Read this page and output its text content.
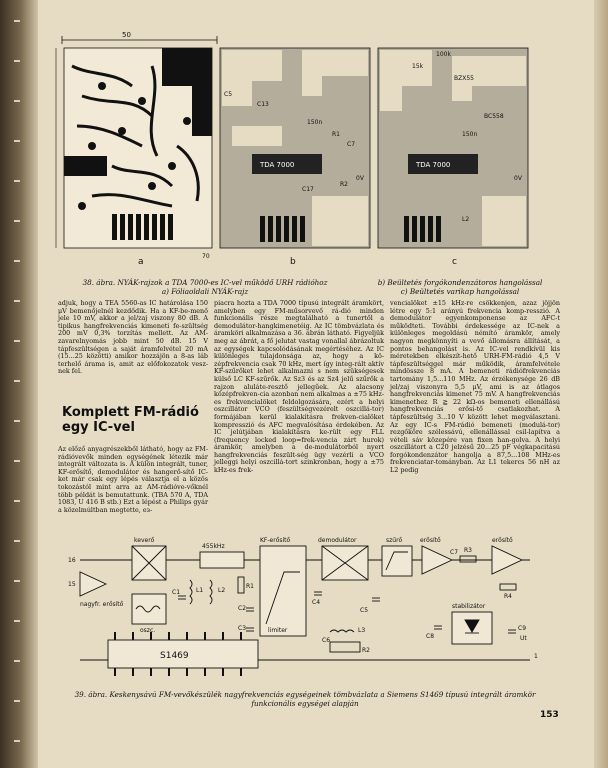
50
a
70
TDA 7000
C5
C13
150n
C7
R1
R2
C17
0V
b
TDA 7000
100k
15k
BZX55
BC558
150n
L2
0V
c
38. ábra. NYÁK-rajzok a TDA 7000-es IC-vel működő URH rádióhoz
a) Fóliaoldali NYÁK-rajz
b) Beültetés forgókondenzátoros hangolással
c) Beültetés varikap hangolással
adjuk, hogy a TEA 5560-as IC határolása 150 μV bemenőjelnél kezdődik. Ha a KF-be-menő jele 10 mV, akkor a jel/zaj viszony 80 dB. A tipikus hangfrekvenciás kimeneti fe-szültség 200 mV 0,3% torzítás mellett. Az AM-zavarelnyomás jobb mint 50 dB. 15 V tápfeszültségen a saját áramfelvétel 20 mA (15...25 közötti) amikor hozzájön a 8-as láb terhelő árama is, amit az előfokozatok vesz-nek fel.
Komplett FM-rádió egy IC-vel
Az előző anyagrészekből látható, hogy az FM-rádióvevők minden egységének létezik már integrált változata is. A külön integrált, tuner, KF-erősítő, demodulátor és hangerő-sítő IC-ket már csak egy lépés választja el a közös tokozástól mint arra az AM-rádióve-vőknél több példát is bemutattunk. (TBA 570 A, TDA 1083, U 416 B stb.) Ezt a lépést a Philips gyár a közelmúltban megtette, ез-
piacra hozta a TDA 7000 típusú integrált áramkört, amelyben egy FM-műsorvevő rá-dió minden funkcionális része megtalálható a tunertől a demodulátor-hangkimenetéig. Az IC tömbvázlata és áramköri alkalmazása a 36. ábrán látható. Figyeljük meg az ábrát, a fő jelutat vastag vonallal ábrázoltuk az egységek kapcsolódásának megértéséhez. Az IC különleges tulajdonsága az, hogy a kö-zépfrekvencia csak 70 kHz, mert így integ-rált aktív KF-szűrőket lehet alkalmazni s nem szükségesek külső LC KF-szűrők. Az Sz3 és az Sz4 jelű szűrők a rajzon aluláte-resztő jellegűek. Az alacsony középfrekven-cia azonban nem alkalmas a ±75 kHz-es frekvencialöket feldolgozására, ezért a helyi oszcillátor VCO (feszültségvezérelt oszcillá-tor) formájában kerül kialakításra frekven-cialöket kompresszió és AFC megvalósítása érdekében. Az IC jelútjában kialakításra ke-rült egy FLL (frequency locked loop=frek-vencia zárt hurok) áramkör, amelyben a de-modulátorból nyert hangfrekvenciás feszült-ség ügy vezérli a VCO jelleggi helyi oszcillá-tort szinkronban, hogy a ±75 kHz-es frek-
vencialöket ±15 kHz-re csökkenjen, azaz jöjjön létre egy 5:1 arányú frekvencia komp-resszió. A demodulátor egyenkomponense az AFC-t működteti. További érdekessége az IC-nek a különleges megoldású némító áramkör, amely nagyon megkönnyíti a vevő állomásra állítását, a pontos behangolást is. Az IC-vel rendkívül kis méretekben elkészít-hető URH-FM-rádió 4,5 V tápfeszültséggel már működik, áramfelvétele mindössze 8 mA. A bemeneti rádiófrekvenciás tartomány 1,5...110 MHz. Az érzékenysége 26 dB jel/zaj viszonyra 5,5 μV, ami is az átlagos hangfrekvenciás kimenet 75 mV. A hangfrekvenciás kimenethez R ≧ 22 kΩ-os bemeneti ellenállású hangfrekvenciás erősí-tő csatlakozhat. A tápfeszültség 3...10 V között lehet megválasztani. Az egy IC-s FM-rádió bemeneti (modulá-tor) rezgőköre szélessávú, ellenállással csil-lapítva a vételi sáv közepére van fixen han-golva. A helyi oszcillátort a C20 jelzésű 20...25 pF végkapacitású forgókondenzátor hangolja a 87,5...108 MHz-es frekvenciatar-tományban. Az L1 tekercs 56 nH az L2 pedig
keverő
455kHz
KF-erősítő	demodulátor	szűrő	erősítő	erősítő
nagyfr. erősítő
oszc.	limiter
stabilizátor
C1	L1 L2
R1
C2
C3
C4
C5
C6
L3
R2
C7 R3
C8
R4
C9
Ut
16
15
1
S1469
39. ábra. Keskenysávú FM-vevőkészülék nagyfrekvenciás egységeinek tömbvázlata a Siemens S1469 típusú integrált áramkör funkcionális egységei alapján
153
